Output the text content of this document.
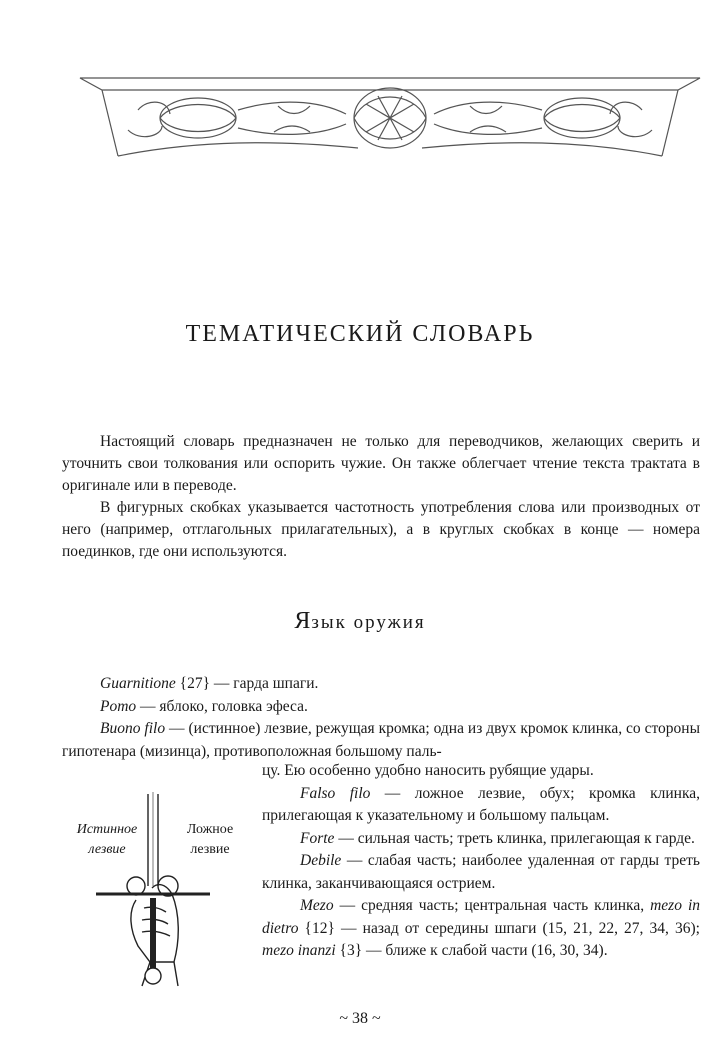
ТЕМАТИЧЕСКИЙ СЛОВАРЬ

Настоящий словарь предназначен не только для переводчиков, желающих сверить и уточнить свои толкования или оспорить чужие. Он также облегчает чтение текста трактата в оригинале или в переводе.

В фигурных скобках указывается частотность употребления слова или производных от него (например, отглагольных прилагательных), а в круглых скобках в конце — номера поединков, где они используются.

Язык оружия

Guarnitione {27} — гарда шпаги.

Pomo — яблоко, головка эфеса.

Buono filo — (истинное) лезвие, режущая кромка; одна из двух кромок клинка, со стороны гипотенара (мизинца), противоположная большому паль-

цу. Ею особенно удобно наносить рубящие удары.

Falso filo — ложное лезвие, обух; кромка клинка, прилегающая к указательному и большому пальцам.

Forte — сильная часть; треть клинка, прилегающая к гарде.

Debile — слабая часть; наиболее удаленная от гарды треть клинка, заканчивающаяся острием.

Mezo — средняя часть; центральная часть клинка, mezo in dietro {12} — назад от середины шпаги (15, 21, 22, 27, 34, 36); mezo inanzi {3} — ближе к слабой части (16, 30, 34).

Истинное лезвие
Ложное лезвие
~ 38 ~
